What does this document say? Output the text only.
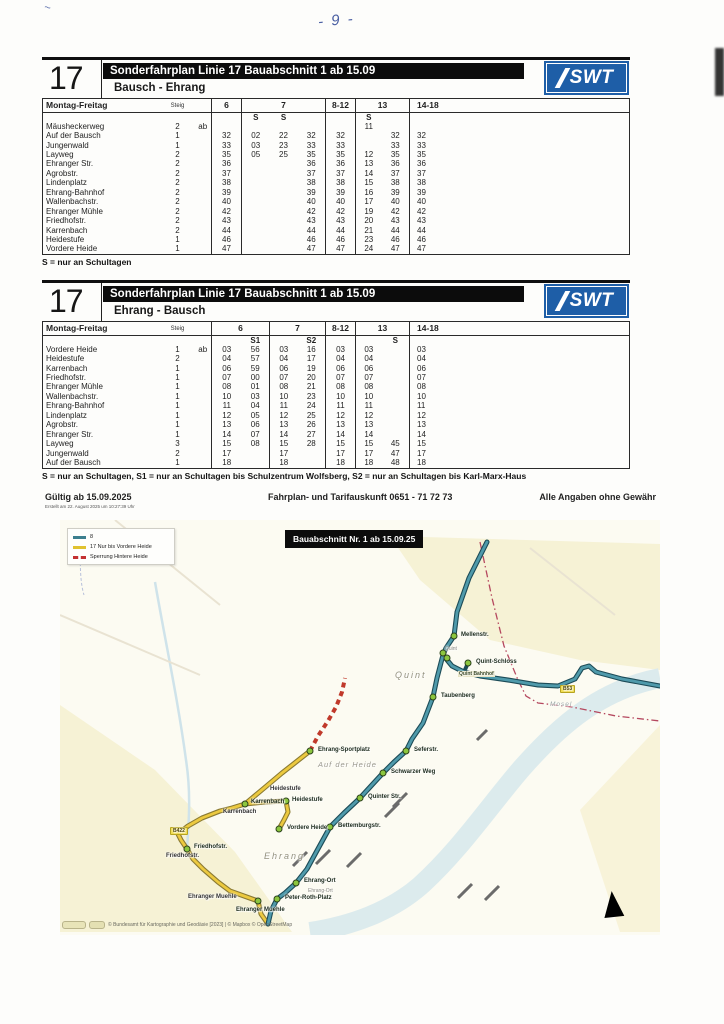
- 9 -
~
17	Sonderfahrplan Linie 17 Bauabschnitt 1 ab 15.09
Bausch - Ehrang	SWT
Montag-Freitag	Steig		6	7			8-12	13		14-18
				S	S			S		
Mäusheckerweg	2	ab						11		
Auf der Bausch	1		32	02	22	32	32		32	32
Jungenwald	1		33	03	23	33	33		33	33
Layweg	2		35	05	25	35	35	12	35	35
Ehranger Str.	2		36			36	36	13	36	36
Agrobstr.	2		37			37	37	14	37	37
Lindenplatz	2		38			38	38	15	38	38
Ehrang-Bahnhof	2		39			39	39	16	39	39
Wallenbachstr.	2		40			40	40	17	40	40
Ehranger Mühle	2		42			42	42	19	42	42
Friedhofstr.	2		43			43	43	20	43	43
Karrenbach	2		44			44	44	21	44	44
Heidestufe	1		46			46	46	23	46	46
Vordere Heide	1		47			47	47	24	47	47
S = nur an Schultagen
17	Sonderfahrplan Linie 17 Bauabschnitt 1 ab 15.09
Ehrang - Bausch	SWT
Montag-Freitag	Steig		6		7		8-12	13		14-18
				S1		S2			S	
Vordere Heide	1	ab	03	56	03	16	03	03		03
Heidestufe	2		04	57	04	17	04	04		04
Karrenbach	1		06	59	06	19	06	06		06
Friedhofstr.	1		07	00	07	20	07	07		07
Ehranger Mühle	1		08	01	08	21	08	08		08
Wallenbachstr.	1		10	03	10	23	10	10		10
Ehrang-Bahnhof	1		11	04	11	24	11	11		11
Lindenplatz	1		12	05	12	25	12	12		12
Agrobstr.	1		13	06	13	26	13	13		13
Ehranger Str.	1		14	07	14	27	14	14		14
Layweg	3		15	08	15	28	15	15	45	15
Jungenwald	2		17		17		17	17	47	17
Auf der Bausch	1		18		18		18	18	48	18
S = nur an Schultagen, S1 = nur an Schultagen bis Schulzentrum Wolfsberg, S2 = nur an Schultagen bis Karl-Marx-Haus
Gültig ab 15.09.2025
Erstellt am 22. August 2025 um 10:27:39 Uhr
Fahrplan- und Tarifauskunft 0651 - 71 72 73	Alle Angaben ohne Gewähr
Mellenstr.
Quint
Quint-Schloss
Quint Bahnhof
Taubenberg
Seferstr.
Schwarzer Weg
Quinter Str.
Bettemburgstr.
Ehrang-Ort
Ehrang-Ort
Peter-Roth-Platz
Ehrang-Sportplatz
Heidestufe
Heidestufe
Karrenbach
Karrenbach
Vordere Heide
Friedhofstr.
Friedhofstr.
Ehranger Muehle
Ehranger Muehle
Quint
Auf der Heide
Ehrang
Mosel
B53
B422
8
17 Nur bis Vordere Heide
Sperrung Hintere Heide
Bauabschnitt Nr. 1 ab 15.09.25
© Bundesamt für Kartographie und Geodäsie [2023] | © Mapbox © OpenStreetMap
